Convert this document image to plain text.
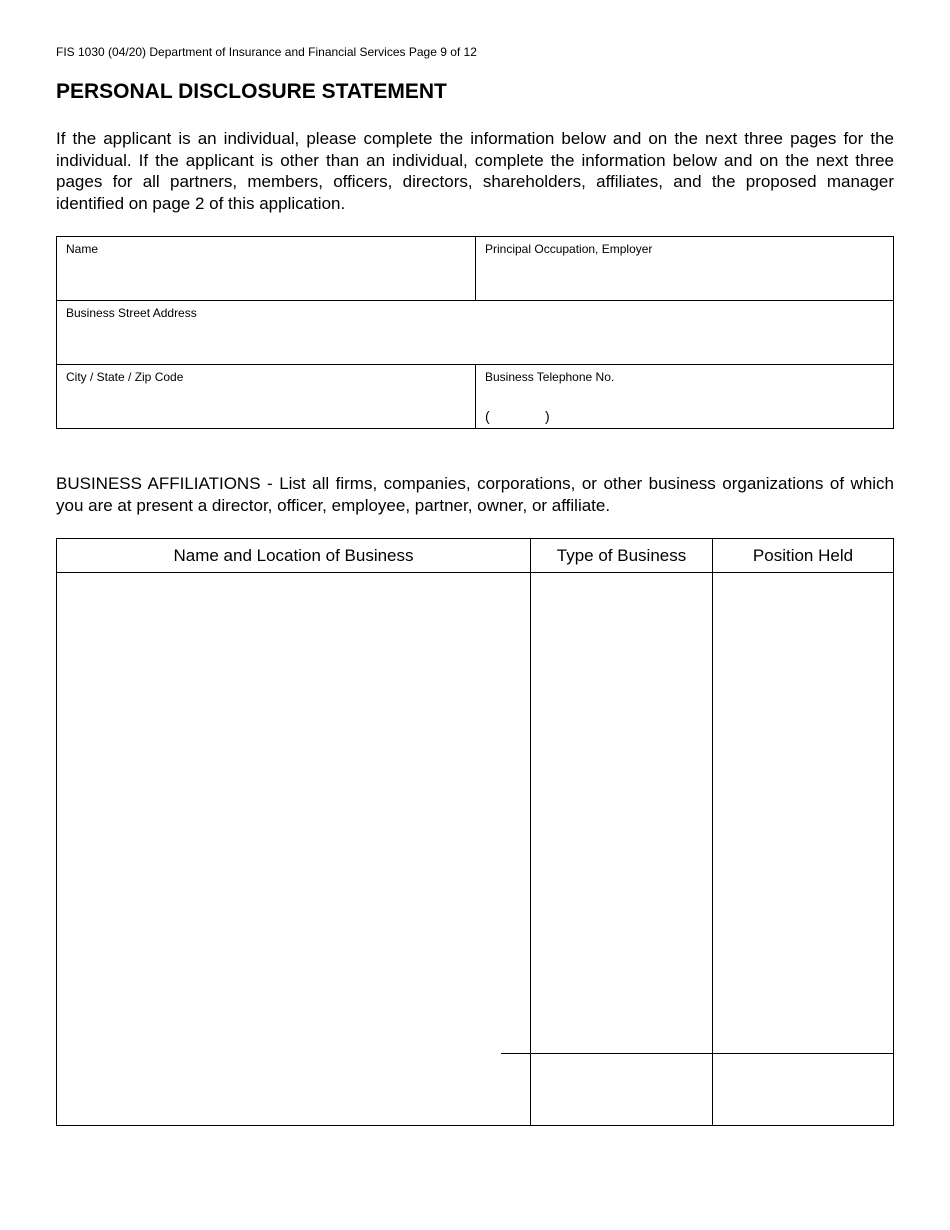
FIS 1030 (04/20) Department of Insurance and Financial Services Page 9 of 12
PERSONAL DISCLOSURE STATEMENT

If the applicant is an individual, please complete the information below and on the next three pages for the individual. If the applicant is other than an individual, complete the information below and on the next three pages for all partners, members, officers, directors, shareholders, affiliates, and the proposed manager identified on page 2 of this application.

Name	Principal Occupation, Employer
Business Street Address
City / State / Zip Code	Business Telephone No.
(	)

BUSINESS AFFILIATIONS - List all firms, companies, corporations, or other business organizations of which you are at present a director, officer, employee, partner, owner, or affiliate.

Name and Location of Business	Type of Business	Position Held
